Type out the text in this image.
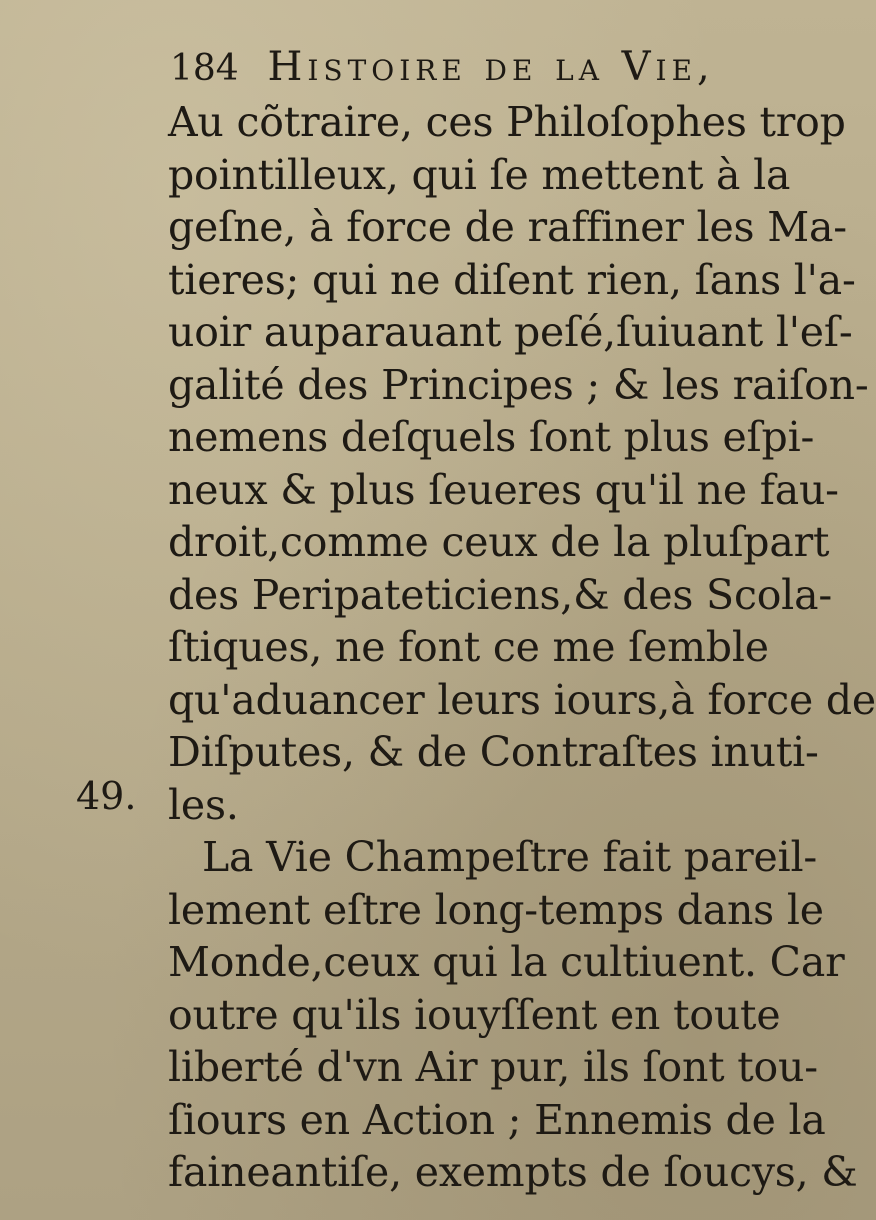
184 Histoire de la Vie,
49.
Au cõtraire, ces Philoſophes trop
pointilleux, qui ſe mettent à la
geſne, à force de raffiner les Ma-
tieres; qui ne diſent rien, ſans l'a-
uoir auparauant peſé,ſuiuant l'eſ-
galité des Principes ; & les raiſon-
nemens deſquels ſont plus eſpi-
neux & plus ſeueres qu'il ne fau-
droit,comme ceux de la pluſpart
des Peripateticiens,& des Scola-
ſtiques, ne font ce me ſemble
qu'aduancer leurs iours,à force de
Diſputes, & de Contraſtes inuti-
les.
La Vie Champeſtre fait pareil-
lement eſtre long-temps dans le
Monde,ceux qui la cultiuent. Car
outre qu'ils iouyſſent en toute
liberté d'vn Air pur, ils ſont tou-
ſiours en Action ; Ennemis de la
faineantiſe, exempts de ſoucys, &
